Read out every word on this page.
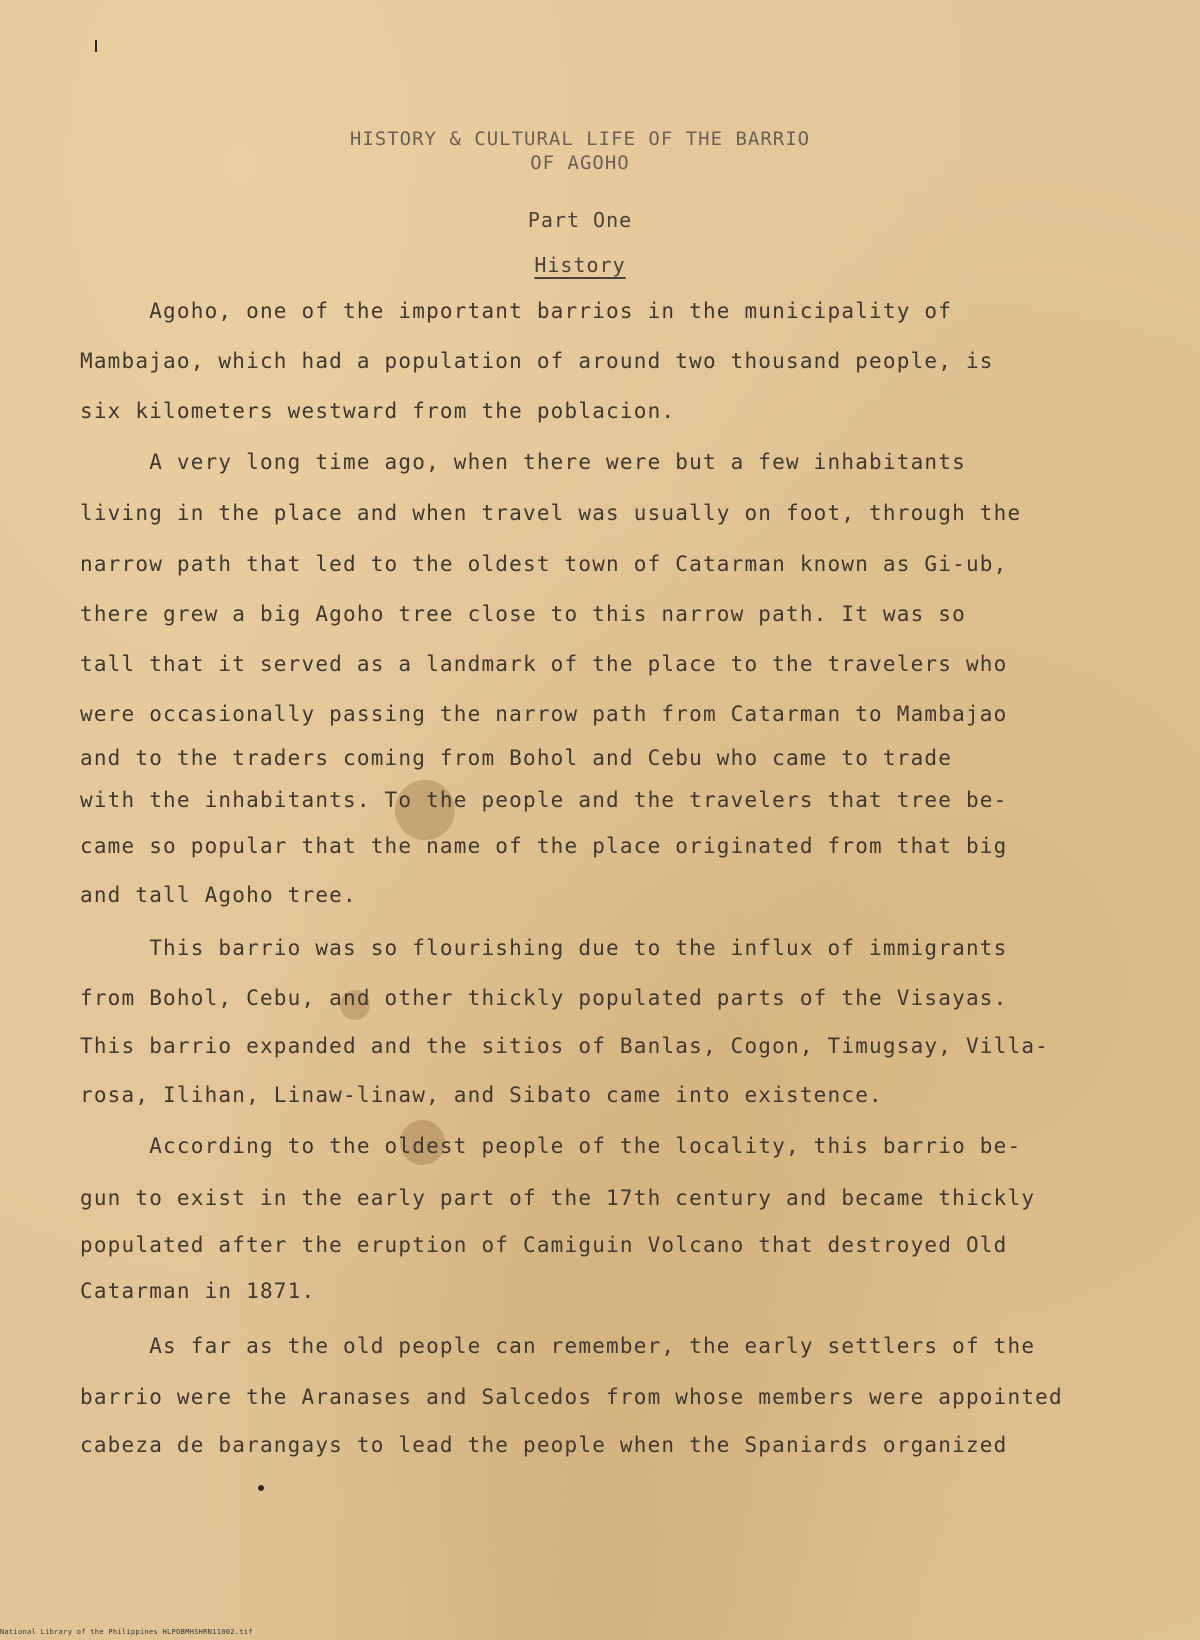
HISTORY & CULTURAL LIFE OF THE BARRIO
OF AGOHO
Part One
History
Agoho, one of the important barrios in the municipality of
Mambajao, which had a population of around two thousand people, is
six kilometers westward from the poblacion.
A very long time ago, when there were but a few inhabitants
living in the place and when travel was usually on foot, through the
narrow path that led to the oldest town of Catarman known as Gi-ub,
there grew a big Agoho tree close to this narrow path. It was so
tall that it served as a landmark of the place to the travelers who
were occasionally passing the narrow path from Catarman to Mambajao
and to the traders coming from Bohol and Cebu who came to trade
with the inhabitants. To the people and the travelers that tree be-
came so popular that the name of the place originated from that big
and tall Agoho tree.
This barrio was so flourishing due to the influx of immigrants
from Bohol, Cebu, and other thickly populated parts of the Visayas.
This barrio expanded and the sitios of Banlas, Cogon, Timugsay, Villa-
rosa, Ilihan, Linaw-linaw, and Sibato came into existence.
According to the oldest people of the locality, this barrio be-
gun to exist in the early part of the 17th century and became thickly
populated after the eruption of Camiguin Volcano that destroyed Old
Catarman in 1871.
As far as the old people can remember, the early settlers of the
barrio were the Aranases and Salcedos from whose members were appointed
cabeza de barangays to lead the people when the Spaniards organized
National Library of the Philippines HLPOBMHSHRN11002.tif
